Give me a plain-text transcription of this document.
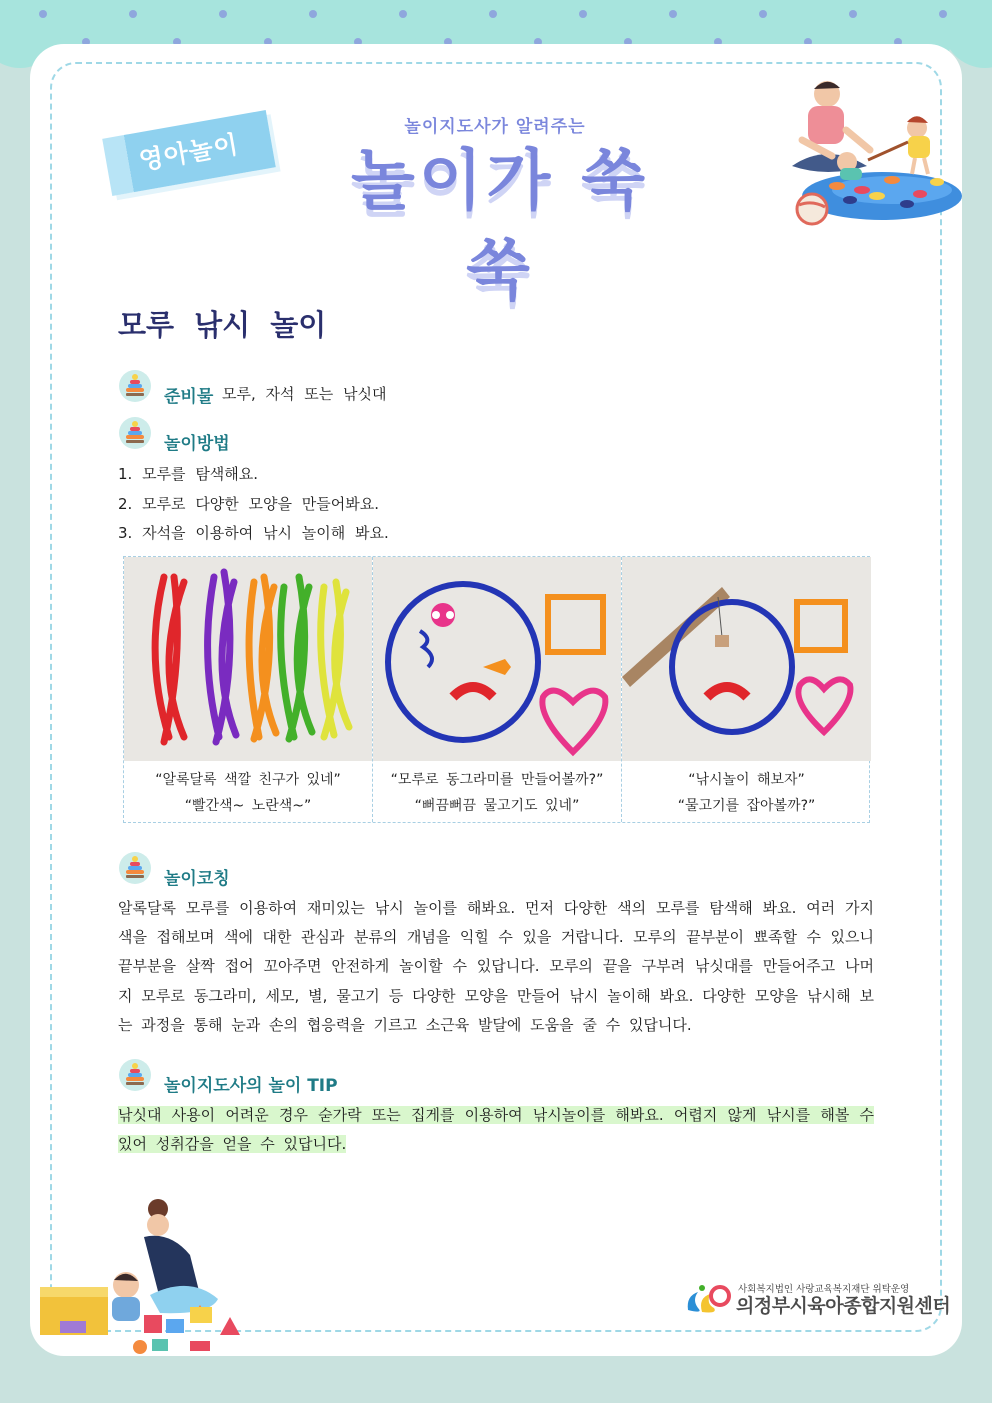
영아놀이
놀이지도사가 알려주는
놀이가 쑥쑥
모루 낚시 놀이
준비물 모루, 자석 또는 낚싯대
놀이방법
1. 모루를 탐색해요.
2. 모루로 다양한 모양을 만들어봐요.
3. 자석을 이용하여 낚시 놀이해 봐요.
“알록달록 색깔 친구가 있네”
“빨간색~ 노란색~”
“모루로 동그라미를 만들어볼까?”
“뻐끔뻐끔 물고기도 있네”
“낚시놀이 해보자”
“물고기를 잡아볼까?”
놀이코칭

알록달록 모루를 이용하여 재미있는 낚시 놀이를 해봐요. 먼저 다양한 색의 모루를 탐색해 봐요. 여러 가지 색을 접해보며 색에 대한 관심과 분류의 개념을 익힐 수 있을 거랍니다. 모루의 끝부분이 뾰족할 수 있으니 끝부분을 살짝 접어 꼬아주면 안전하게 놀이할 수 있답니다. 모루의 끝을 구부려 낚싯대를 만들어주고 나머지 모루로 동그라미, 세모, 별, 물고기 등 다양한 모양을 만들어 낚시 놀이해 봐요. 다양한 모양을 낚시해 보는 과정을 통해 눈과 손의 협응력을 기르고 소근육 발달에 도움을 줄 수 있답니다.

놀이지도사의 놀이 TIP

낚싯대 사용이 어려운 경우 숟가락 또는 집게를 이용하여 낚시놀이를 해봐요. 어렵지 않게 낚시를 해볼 수 있어 성취감을 얻을 수 있답니다.

사회복지법인 사랑교육복지재단 위탁운영
의정부시육아종합지원센터
